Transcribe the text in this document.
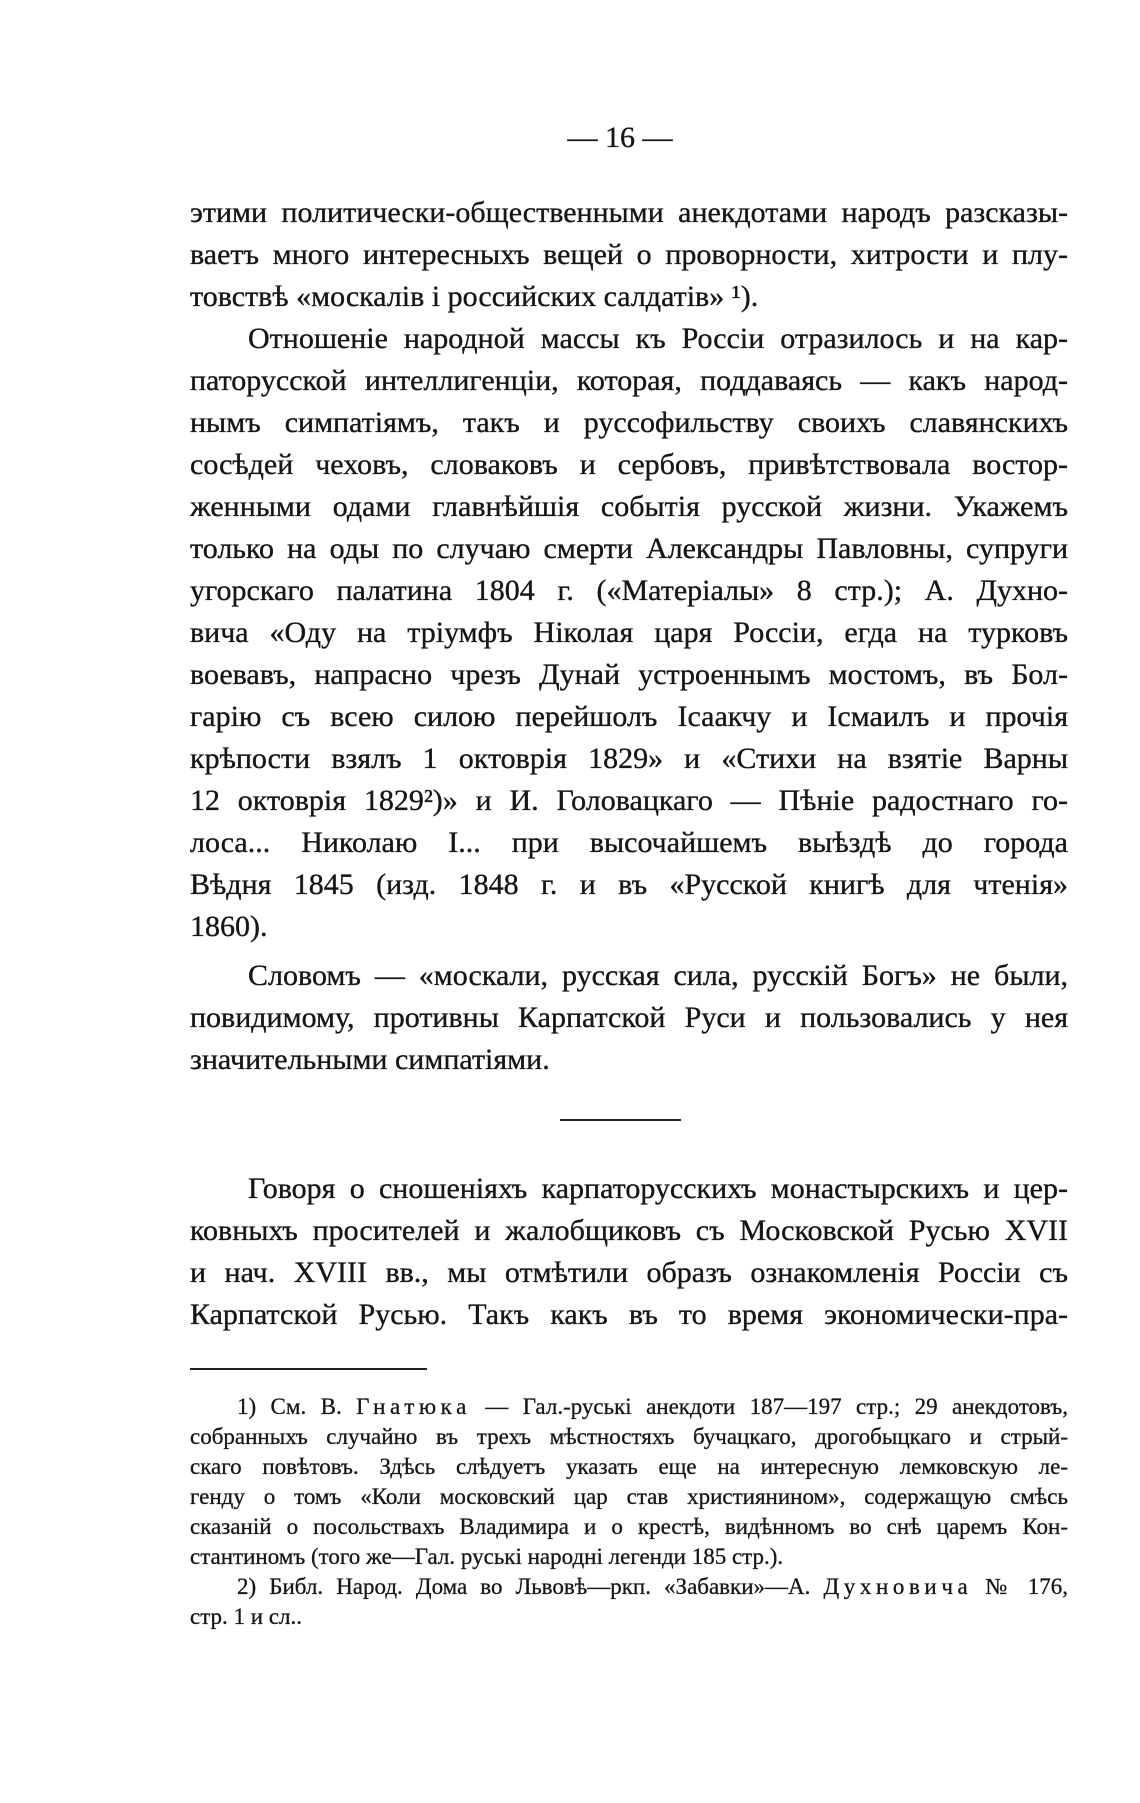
— 16 —
этими политически-общественными анекдотами народъ разсказы-
ваетъ много интересныхъ вещей о проворности, хитрости и плу-
товствѣ «москалів і российских салдатів» ¹).
Отношеніе народной массы къ Россіи отразилось и на кар-
паторусской интеллигенціи, которая, поддаваясь — какъ народ-
нымъ симпатіямъ, такъ и руссофильству своихъ славянскихъ
сосѣдей чеховъ, словаковъ и сербовъ, привѣтствовала востор-
женными одами главнѣйшія событія русской жизни. Укажемъ
только на оды по случаю смерти Александры Павловны, супруги
угорскаго палатина 1804 г. («Матеріалы» 8 стр.); А. Духно-
вича «Оду на тріумфъ Ніколая царя Россіи, егда на турковъ
воевавъ, напрасно чрезъ Дунай устроеннымъ мостомъ, въ Бол-
гарію съ всею силою перейшолъ Ісаакчу и Ісмаилъ и прочія
крѣпости взялъ 1 октоврія 1829» и «Стихи на взятіе Варны
12 октоврія 1829²)» и И. Головацкаго — Пѣніе радостнаго го-
лоса... Николаю I... при высочайшемъ выѣздѣ до города
Вѣдня 1845 (изд. 1848 г. и въ «Русской книгѣ для чтенія»
1860).
Словомъ — «москали, русская сила, русскій Богъ» не были,
повидимому, противны Карпатской Руси и пользовались у нея
значительными симпатіями.
Говоря о сношеніяхъ карпаторусскихъ монастырскихъ и цер-
ковныхъ просителей и жалобщиковъ съ Московской Русью XVII
и нач. XVIII вв., мы отмѣтили образъ ознакомленія Россіи съ
Карпатской Русью. Такъ какъ въ то время экономически-пра-
1) См. В. Гнатюка — Гал.-руські анекдоти 187—197 стр.; 29 анекдотовъ,
собранныхъ случайно въ трехъ мѣстностяхъ бучацкаго, дрогобыцкаго и стрый-
скаго повѣтовъ. Здѣсь слѣдуетъ указать еще на интересную лемковскую ле-
генду о томъ «Коли московский цар став християнином», содержащую смѣсь
сказаній о посольствахъ Владимира и о крестѣ, видѣнномъ во снѣ царемъ Кон-
стантиномъ (того же—Гал. руські народні легенди 185 стр.).
2) Библ. Народ. Дома во Львовѣ—ркп. «Забавки»—А. Духновича № 176,
стр. 1 и сл..
